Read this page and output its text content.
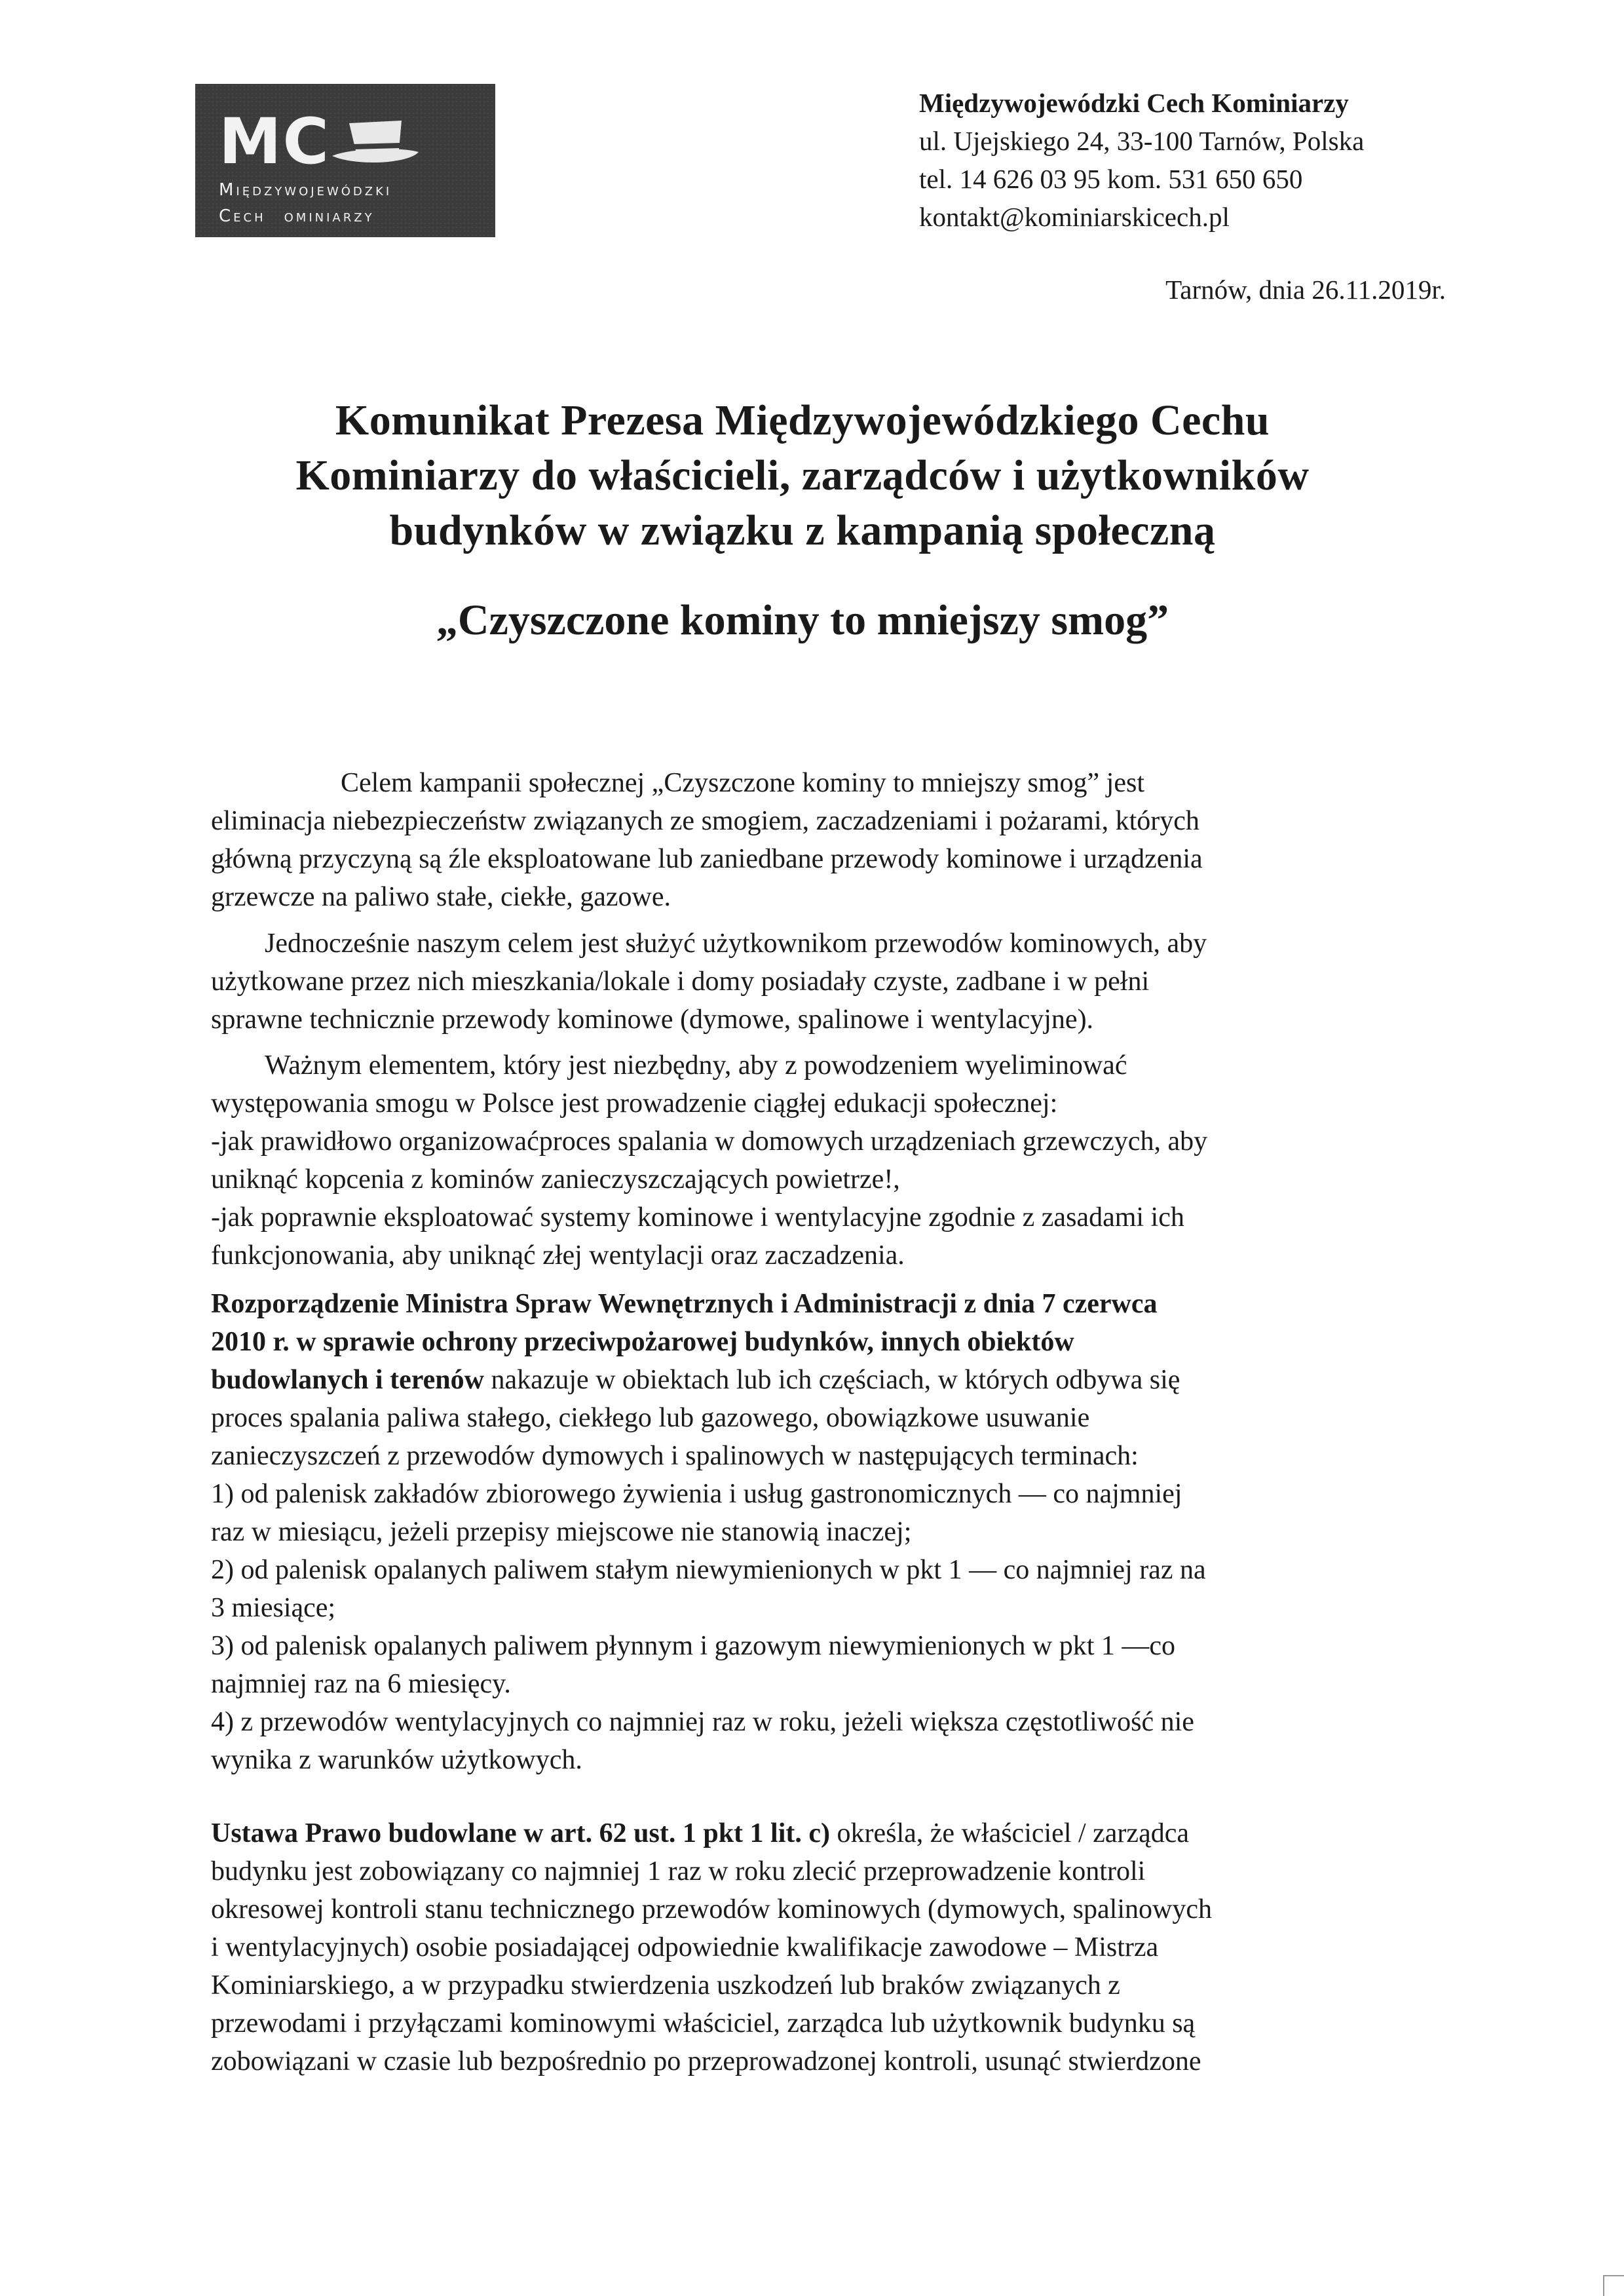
MC
Międzywojewódzki
Cech ominiarzy
Międzywojewódzki Cech Kominiarzy
ul. Ujejskiego 24, 33-100 Tarnów, Polska
tel. 14 626 03 95 kom. 531 650 650
kontakt@kominiarskicech.pl
Tarnów, dnia 26.11.2019r.
Komunikat Prezesa Międzywojewódzkiego Cechu
Kominiarzy do właścicieli, zarządców i użytkowników
budynków w związku z kampanią społeczną
„Czyszczone kominy to mniejszy smog”

Celem kampanii społecznej „Czyszczone kominy to mniejszy smog” jest

eliminacja niebezpieczeństw związanych ze smogiem, zaczadzeniami i pożarami, których

główną przyczyną są źle eksploatowane lub zaniedbane przewody kominowe i urządzenia

grzewcze na paliwo stałe, ciekłe, gazowe.

Jednocześnie naszym celem jest służyć użytkownikom przewodów kominowych, aby

użytkowane przez nich mieszkania/lokale i domy posiadały czyste, zadbane i w pełni

sprawne technicznie przewody kominowe (dymowe, spalinowe i wentylacyjne).

Ważnym elementem, który jest niezbędny, aby z powodzeniem wyeliminować

występowania smogu w Polsce jest prowadzenie ciągłej edukacji społecznej:

-jak prawidłowo organizowaćproces spalania w domowych urządzeniach grzewczych, aby

uniknąć kopcenia z kominów zanieczyszczających powietrze!,

-jak poprawnie eksploatować systemy kominowe i wentylacyjne zgodnie z zasadami ich

funkcjonowania, aby uniknąć złej wentylacji oraz zaczadzenia.

Rozporządzenie Ministra Spraw Wewnętrznych i Administracji z dnia 7 czerwca

2010 r. w sprawie ochrony przeciwpożarowej budynków, innych obiektów

budowlanych i terenów nakazuje w obiektach lub ich częściach, w których odbywa się

proces spalania paliwa stałego, ciekłego lub gazowego, obowiązkowe usuwanie

zanieczyszczeń z przewodów dymowych i spalinowych w następujących terminach:

1) od palenisk zakładów zbiorowego żywienia i usług gastronomicznych — co najmniej

raz w miesiącu, jeżeli przepisy miejscowe nie stanowią inaczej;

2) od palenisk opalanych paliwem stałym niewymienionych w pkt 1 — co najmniej raz na

3 miesiące;

3) od palenisk opalanych paliwem płynnym i gazowym niewymienionych w pkt 1 —co

najmniej raz na 6 miesięcy.

4) z przewodów wentylacyjnych co najmniej raz w roku, jeżeli większa częstotliwość nie

wynika z warunków użytkowych.

Ustawa Prawo budowlane w art. 62 ust. 1 pkt 1 lit. c) określa, że właściciel / zarządca

budynku jest zobowiązany co najmniej 1 raz w roku zlecić przeprowadzenie kontroli

okresowej kontroli stanu technicznego przewodów kominowych (dymowych, spalinowych

i wentylacyjnych) osobie posiadającej odpowiednie kwalifikacje zawodowe – Mistrza

Kominiarskiego, a w przypadku stwierdzenia uszkodzeń lub braków związanych z

przewodami i przyłączami kominowymi właściciel, zarządca lub użytkownik budynku są

zobowiązani w czasie lub bezpośrednio po przeprowadzonej kontroli, usunąć stwierdzone
